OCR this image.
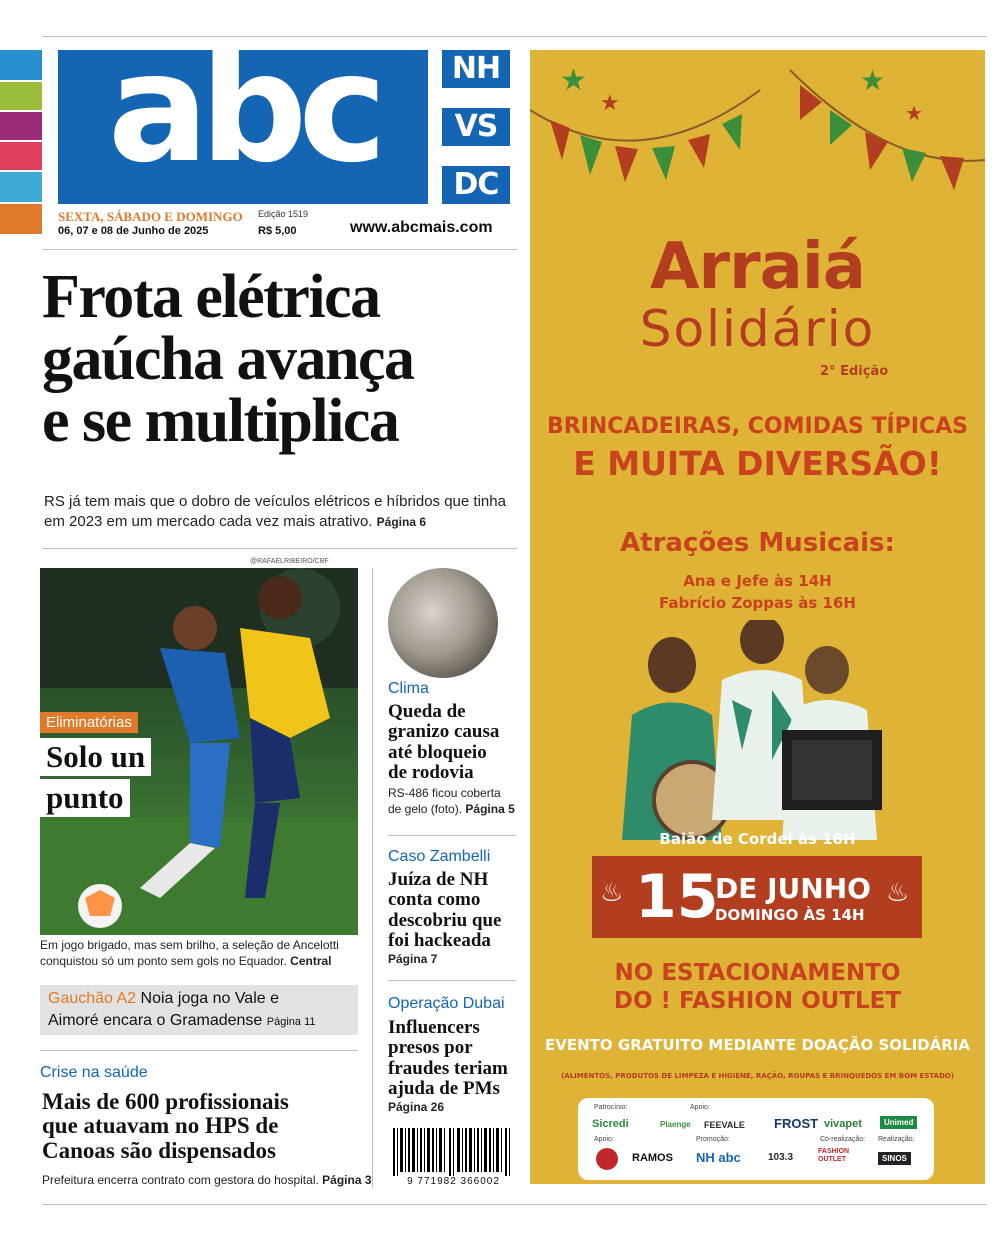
abc	NH
VS
DC
SEXTA, SÁBADO E DOMINGO
06, 07 e 08 de Junho de 2025
Edição 1519
R$ 5,00	www.abcmais.com
Frota elétrica
gaúcha avança
e se multiplica

RS já tem mais que o dobro de veículos elétricos e híbridos que tinha em 2023 em um mercado cada vez mais atrativo. Página 6

@RAFAELRIBEIRO/CBF
Eliminatórias
Solo un
punto

Em jogo brigado, mas sem brilho, a seleção de Ancelotti conquistou só um ponto sem gols no Equador. Central

Gauchão A2 Noia joga no Vale e
Aimoré encara o Gramadense Página 11
Crise na saúde
Mais de 600 profissionais
que atuavam no HPS de
Canoas são dispensados

Prefeitura encerra contrato com gestora do hospital. Página 3

Clima
Queda de
granizo causa
até bloqueio
de rodovia
RS-486 ficou coberta
de gelo (foto). Página 5
Caso Zambelli
Juíza de NH
conta como
descobriu que
foi hackeada
Página 7
Operação Dubai
Influencers
presos por
fraudes teriam
ajuda de PMs
Página 26
9 771982 366002
★
★
★
★
Arraiá
Solidário
2° Edição
BRINCADEIRAS, COMIDAS TÍPICAS
E MUITA DIVERSÃO!
Atrações Musicais:
Ana e Jefe às 14H
Fabrício Zoppas às 16H
Baião de Cordel às 18H
15
DE JUNHO
DOMINGO ÀS 14H
♨	♨
NO ESTACIONAMENTO
DO ! FASHION OUTLET
EVENTO GRATUITO MEDIANTE DOAÇÃO SOLIDÁRIA
(ALIMENTOS, PRODUTOS DE LIMPEZA E HIGIENE, RAÇÃO, ROUPAS E BRINQUEDOS EM BOM ESTADO)
Patrocínio:	Apoio:
Sicredi	Plaenge FEEVALE FROST vivapet	Unimed
Apoio:	Promoção:	Co-realização: Realização:
RAMOS NH abc	103.3
FASHION OUTLET	SINOS
